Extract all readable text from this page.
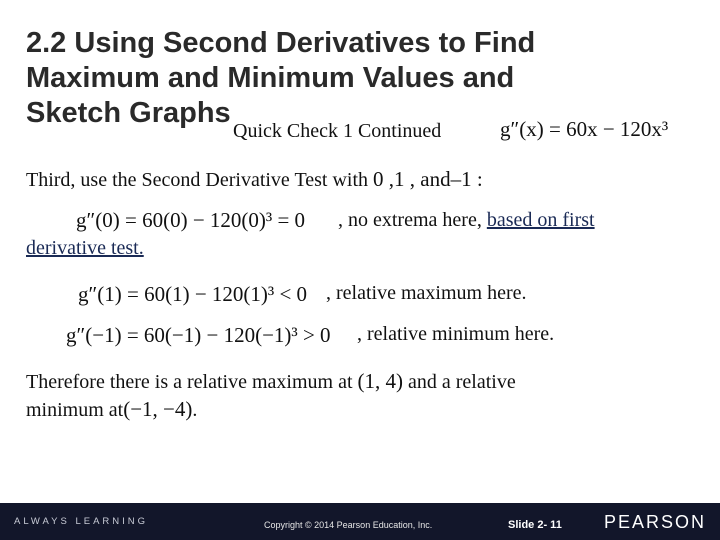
2.2 Using Second Derivatives to Find
Maximum and Minimum Values and
Sketch Graphs
Quick Check 1 Continued	g″(x) = 60x − 120x³
Third, use the Second Derivative Test with 0 ,1 , and–1 :
g″(0) = 60(0) − 120(0)³ = 0 , no extrema here, based on first
derivative test.
g″(1) = 60(1) − 120(1)³ < 0 , relative maximum here.
g″(−1) = 60(−1) − 120(−1)³ > 0 , relative minimum here.
Therefore there is a relative maximum at (1, 4) and a relative
minimum at(−1, −4).
ALWAYS LEARNING	Copyright © 2014 Pearson Education, Inc.	Slide 2- 11 PEARSON
